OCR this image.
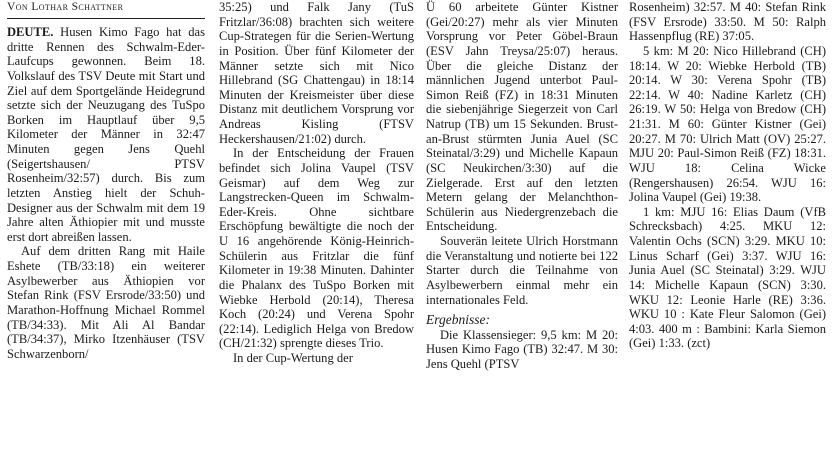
Von Lothar Schattner

DEUTE. Husen Kimo Fago hat das dritte Rennen des Schwalm-Eder-Laufcups gewonnen. Beim 18. Volkslauf des TSV Deute mit Start und Ziel auf dem Sportgelände Heidegrund setzte sich der Neuzugang des TuSpo Borken im Hauptlauf über 9,5 Kilometer der Männer in 32:47 Minuten gegen Jens Quehl (Seigertshausen/ PTSV Rosenheim/32:57) durch. Bis zum letzten Anstieg hielt der Schuh-Designer aus der Schwalm mit dem 19 Jahre alten Äthiopier mit und musste erst dort abreißen lassen.

Auf dem dritten Rang mit Haile Eshete (TB/33:18) ein weiterer Asylbewerber aus Äthiopien vor Stefan Rink (FSV Ersrode/33:50) und Marathon-Hoffnung Michael Rommel (TB/34:33). Mit Ali Al Bandar (TB/34:37), Mirko Itzenhäuser (TSV Schwarzenborn/

35:25) und Falk Jany (TuS Fritzlar/36:08) brachten sich weitere Cup-Strategen für die Serien-Wertung in Position. Über fünf Kilometer der Männer setzte sich mit Nico Hillebrand (SG Chattengau) in 18:14 Minuten der Kreismeister über diese Distanz mit deutlichem Vorsprung vor Andreas Kisling (FTSV Heckershausen/21:02) durch.

In der Entscheidung der Frauen befindet sich Jolina Vaupel (TSV Geismar) auf dem Weg zur Langstrecken-Queen im Schwalm-Eder-Kreis. Ohne sichtbare Erschöpfung bewältigte die noch der U 16 angehörende König-Heinrich-Schülerin aus Fritzlar die fünf Kilometer in 19:38 Minuten. Dahinter die Phalanx des TuSpo Borken mit Wiebke Herbold (20:14), Theresa Koch (20:24) und Verena Spohr (22:14). Lediglich Helga von Bredow (CH/21:32) sprengte dieses Trio.

In der Cup-Wertung der

Ü 60 arbeitete Günter Kistner (Gei/20:27) mehr als vier Minuten Vorsprung vor Peter Göbel-Braun (ESV Jahn Treysa/25:07) heraus. Über die gleiche Distanz der männlichen Jugend unterbot Paul-Simon Reiß (FZ) in 18:31 Minuten die siebenjährige Siegerzeit von Carl Natrup (TB) um 15 Sekunden. Brust-an-Brust stürmten Junia Auel (SC Steinatal/3:29) und Michelle Kapaun (SC Neukirchen/3:30) auf die Zielgerade. Erst auf den letzten Metern gelang der Melanchthon-Schülerin aus Niedergrenzebach die Entscheidung.

Souverän leitete Ulrich Horstmann die Veranstaltung und notierte bei 122 Starter durch die Teilnahme von Asylbewerbern einmal mehr ein internationales Feld.

Ergebnisse:

Die Klassensieger: 9,5 km: M 20: Husen Kimo Fago (TB) 32:47. M 30: Jens Quehl (PTSV

Rosenheim) 32:57. M 40: Stefan Rink (FSV Ersrode) 33:50. M 50: Ralph Hassenpflug (RE) 37:05.

5 km: M 20: Nico Hillebrand (CH) 18:14. W 20: Wiebke Herbold (TB) 20:14. W 30: Verena Spohr (TB) 22:14. W 40: Nadine Karletz (CH) 26:19. W 50: Helga von Bredow (CH) 21:31. M 60: Günter Kistner (Gei) 20:27. M 70: Ulrich Matt (OV) 25:27. MJU 20: Paul-Simon Reiß (FZ) 18:31. WJU 18: Celina Wicke (Rengershausen) 26:54. WJU 16: Jolina Vaupel (Gei) 19:38.

1 km: MJU 16: Elias Daum (VfB Schrecksbach) 4:25. MKU 12: Valentin Ochs (SCN) 3:29. MKU 10: Linus Scharf (Gei) 3:37. WJU 16: Junia Auel (SC Steinatal) 3:29. WJU 14: Michelle Kapaun (SCN) 3:30. WKU 12: Leonie Harle (RE) 3:36. WKU 10 : Kate Fleur Salomon (Gei) 4:03. 400 m : Bambini: Karla Siemon (Gei) 1:33. (zct)
